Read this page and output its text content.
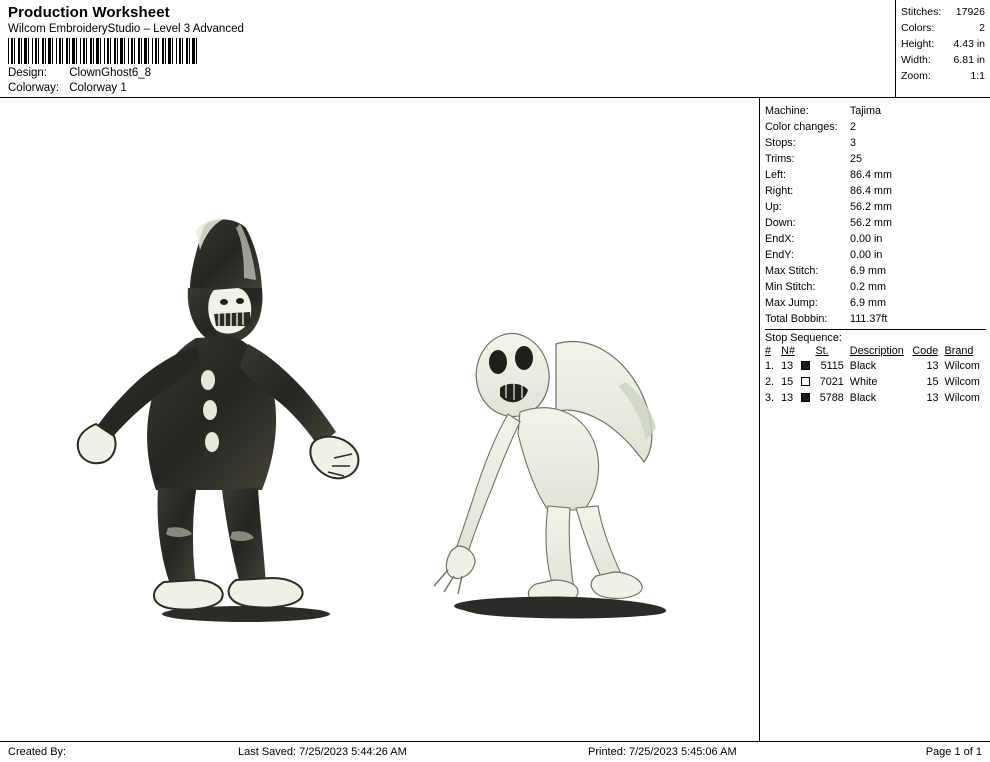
Production Worksheet
Wilcom EmbroideryStudio – Level 3 Advanced
Design: ClownGhost6_8
Colorway: Colorway 1
Stitches: 17926
Colors:	2
Height: 4.43 in
Width: 6.81 in
Zoom:	1:1
Machine:	Tajima
Color changes: 2
Stops:	3
Trims:	25
Left:	86.4 mm
Right:	86.4 mm
Up:	56.2 mm
Down:	56.2 mm
EndX:	0.00 in
EndY:	0.00 in
Max Stitch:	6.9 mm
Min Stitch:	0.2 mm
Max Jump:	6.9 mm
Total Bobbin: 111.37ft
Stop Sequence:
#	N#		St.	Description	Code	Brand
1.	13		5115	Black	13	Wilcom
2.	15		7021	White	15	Wilcom
3.	13		5788	Black	13	Wilcom
Created By:	Last Saved: 7/25/2023 5:44:26 AM	Printed: 7/25/2023 5:45:06 AM	Page 1 of 1
